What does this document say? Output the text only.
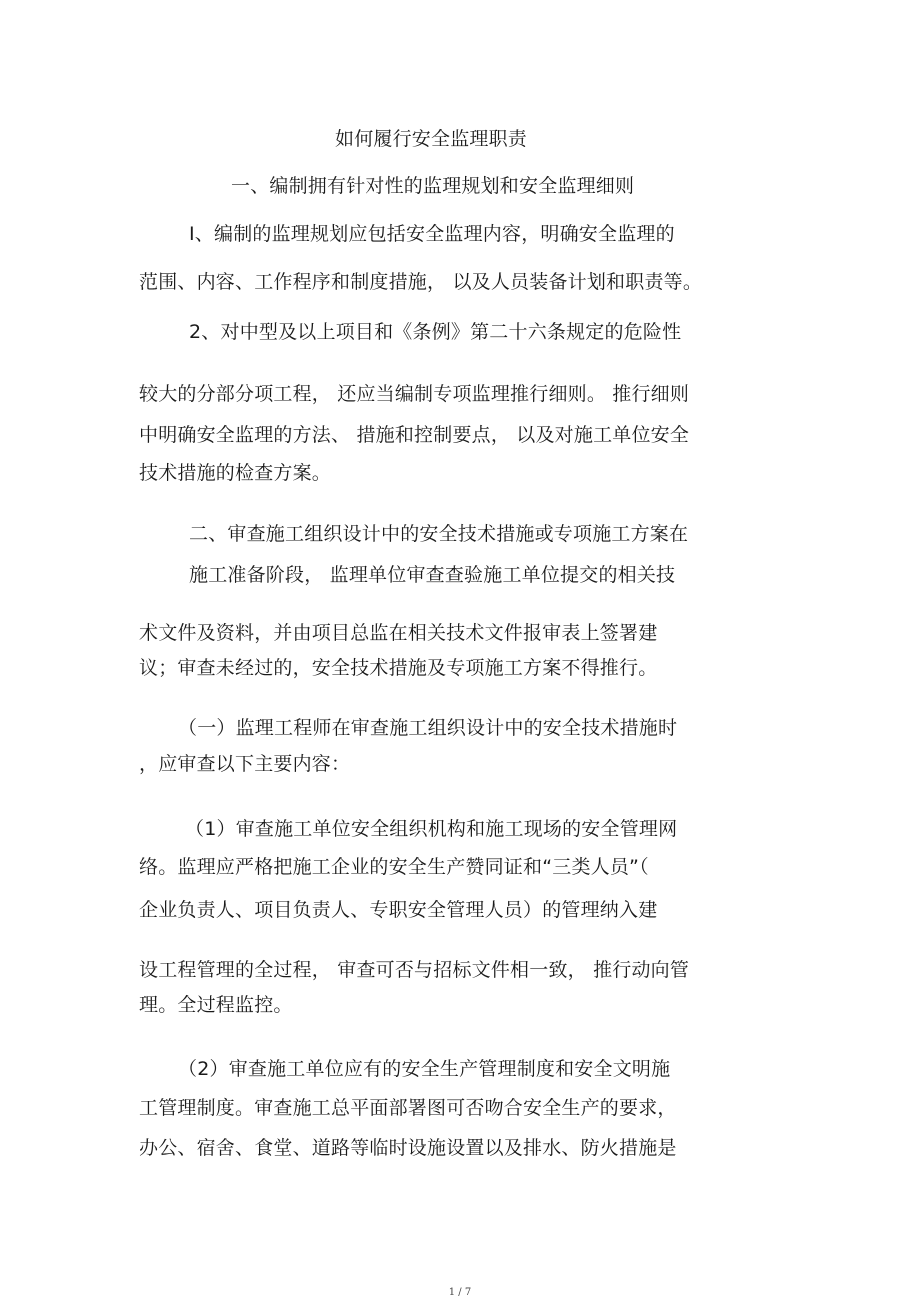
如何履行安全监理职责
一、编制拥有针对性的监理规划和安全监理细则
I、编制的监理规划应包括安全监理内容，明确安全监理的
范围、内容、工作程序和制度措施， 以及人员装备计划和职责等。
2、对中型及以上项目和《条例》第二十六条规定的危险性
较大的分部分项工程， 还应当编制专项监理推行细则。 推行细则
中明确安全监理的方法、 措施和控制要点， 以及对施工单位安全
技术措施的检查方案。
二、审查施工组织设计中的安全技术措施或专项施工方案在
施工准备阶段， 监理单位审查查验施工单位提交的相关技
术文件及资料，并由项目总监在相关技术文件报审表上签署建
议；审查未经过的，安全技术措施及专项施工方案不得推行。
（一）监理工程师在审查施工组织设计中的安全技术措施时
，应审查以下主要内容：
（1）审查施工单位安全组织机构和施工现场的安全管理网
络。监理应严格把施工企业的安全生产赞同证和“三类人员”（
企业负责人、项目负责人、专职安全管理人员）的管理纳入建
设工程管理的全过程， 审查可否与招标文件相一致， 推行动向管
理。全过程监控。
（2）审查施工单位应有的安全生产管理制度和安全文明施
工管理制度。审查施工总平面部署图可否吻合安全生产的要求，
办公、宿舍、食堂、道路等临时设施设置以及排水、防火措施是
1 / 7
